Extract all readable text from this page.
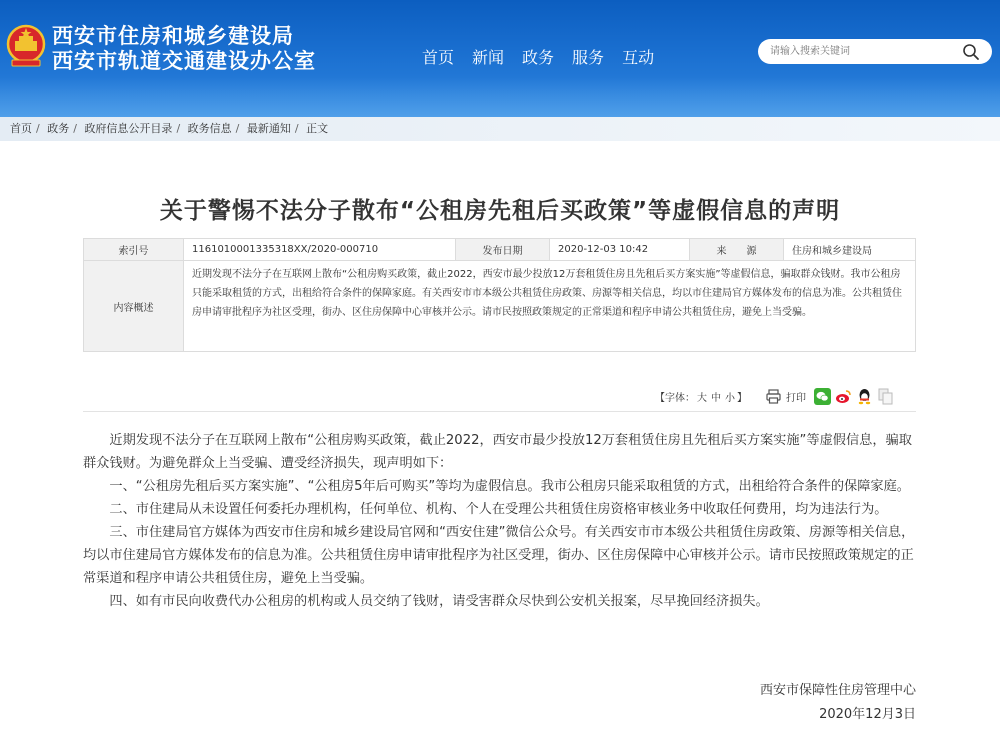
西安市住房和城乡建设局
西安市轨道交通建设办公室	首页 新闻 政务 服务 互动
请输入搜索关键词
首页 / 政务 / 政府信息公开目录 / 政务信息 / 最新通知 / 正文
关于警惕不法分子散布“公租房先租后买政策”等虚假信息的声明
索引号	1161010001335318XX/2020-000710	发布日期	2020-12-03 10:42	来　　源	住房和城乡建设局
内容概述	近期发现不法分子在互联网上散布“公租房购买政策，截止2022，西安市最少投放12万套租赁住房且先租后买方案实施”等虚假信息，骗取群众钱财。我市公租房只能采取租赁的方式，出租给符合条件的保障家庭。有关西安市市本级公共租赁住房政策、房源等相关信息，均以市住建局官方媒体发布的信息为准。公共租赁住房申请审批程序为社区受理，街办、区住房保障中心审核并公示。请市民按照政策规定的正常渠道和程序申请公共租赁住房，避免上当受骗。				
【字体： 大 中 小 】	打印

近期发现不法分子在互联网上散布“公租房购买政策，截止2022，西安市最少投放12万套租赁住房且先租后买方案实施”等虚假信息，骗取群众钱财。为避免群众上当受骗、遭受经济损失，现声明如下：

一、“公租房先租后买方案实施”、“公租房5年后可购买”等均为虚假信息。我市公租房只能采取租赁的方式，出租给符合条件的保障家庭。

二、市住建局从未设置任何委托办理机构，任何单位、机构、个人在受理公共租赁住房资格审核业务中收取任何费用，均为违法行为。

三、市住建局官方媒体为西安市住房和城乡建设局官网和“西安住建”微信公众号。有关西安市市本级公共租赁住房政策、房源等相关信息，均以市住建局官方媒体发布的信息为准。公共租赁住房申请审批程序为社区受理，街办、区住房保障中心审核并公示。请市民按照政策规定的正常渠道和程序申请公共租赁住房，避免上当受骗。

四、如有市民向收费代办公租房的机构或人员交纳了钱财，请受害群众尽快到公安机关报案，尽早挽回经济损失。

西安市保障性住房管理中心
2020年12月3日
